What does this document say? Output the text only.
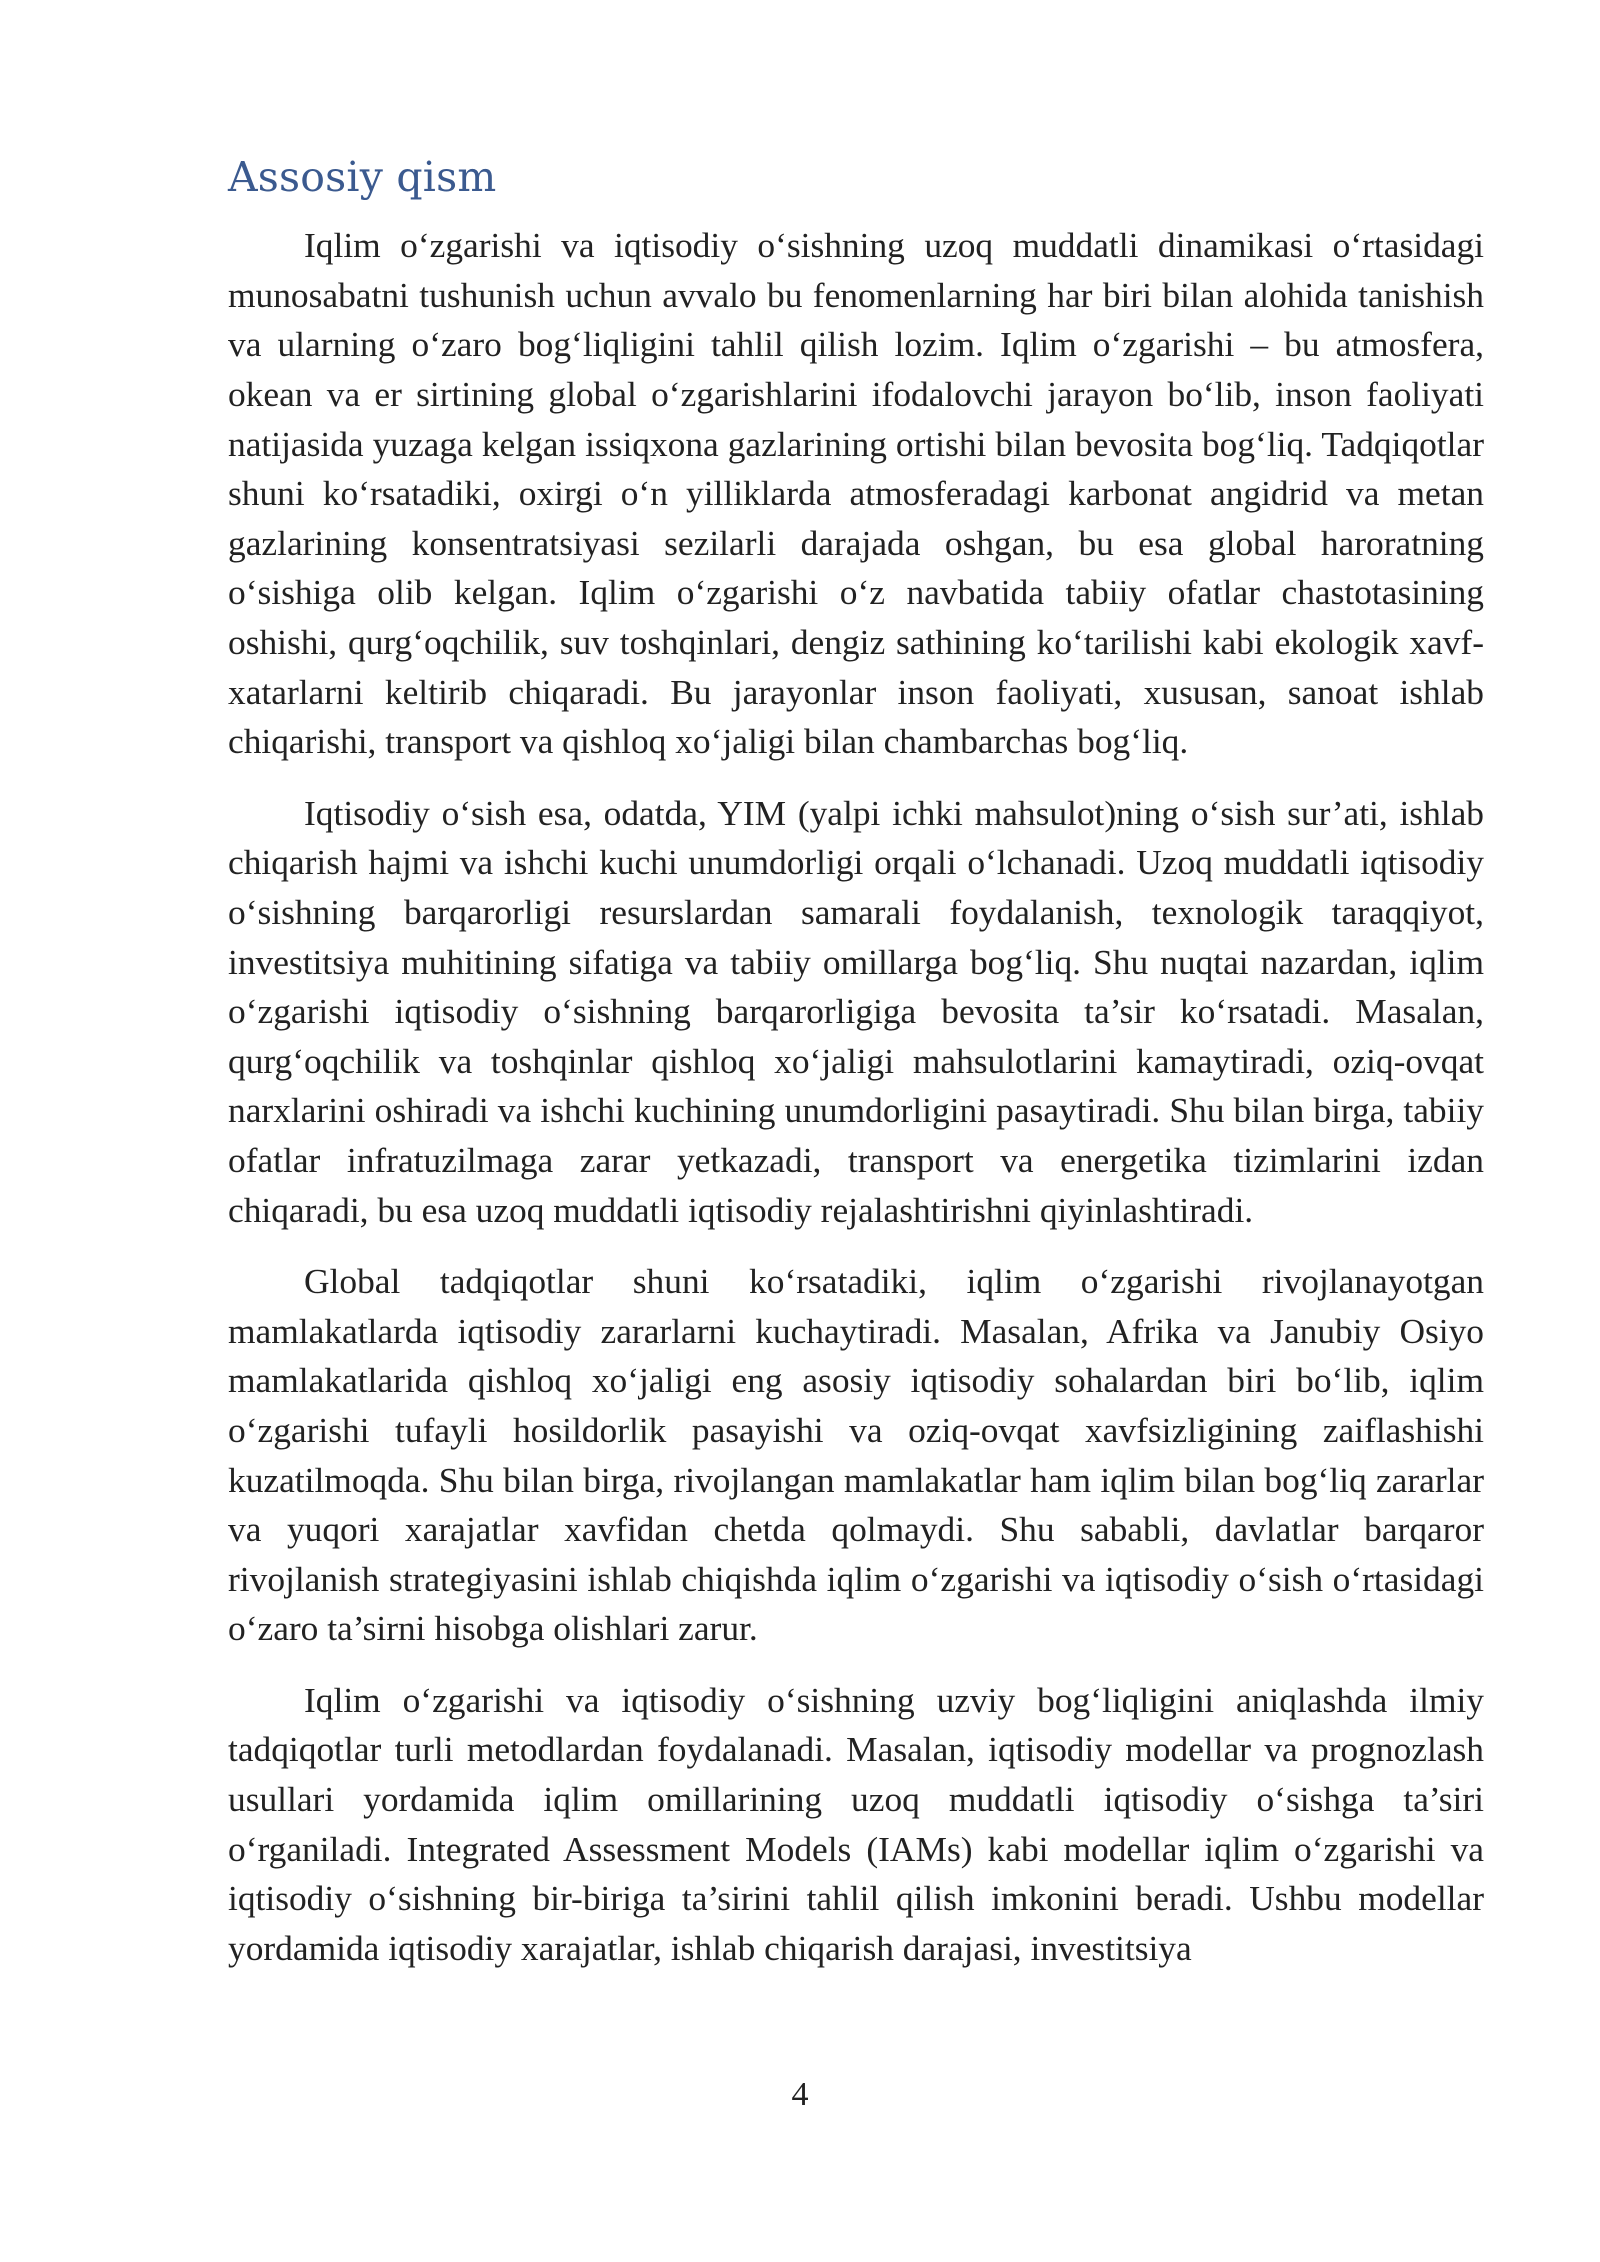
Assosiy qism

Iqlim o‘zgarishi va iqtisodiy o‘sishning uzoq muddatli dinamikasi o‘rtasidagi munosabatni tushunish uchun avvalo bu fenomenlarning har biri bilan alohida tanishish va ularning o‘zaro bog‘liqligini tahlil qilish lozim. Iqlim o‘zgarishi – bu atmosfera, okean va er sirtining global o‘zgarishlarini ifodalovchi jarayon bo‘lib, inson faoliyati natijasida yuzaga kelgan issiqxona gazlarining ortishi bilan bevosita bog‘liq. Tadqiqotlar shuni ko‘rsatadiki, oxirgi o‘n yilliklarda atmosferadagi karbonat angidrid va metan gazlarining konsentratsiyasi sezilarli darajada oshgan, bu esa global haroratning o‘sishiga olib kelgan. Iqlim o‘zgarishi o‘z navbatida tabiiy ofatlar chastotasining oshishi, qurg‘oqchilik, suv toshqinlari, dengiz sathining ko‘tarilishi kabi ekologik xavf-xatarlarni keltirib chiqaradi. Bu jarayonlar inson faoliyati, xususan, sanoat ishlab chiqarishi, transport va qishloq xo‘jaligi bilan chambarchas bog‘liq.

Iqtisodiy o‘sish esa, odatda, YIM (yalpi ichki mahsulot)ning o‘sish sur’ati, ishlab chiqarish hajmi va ishchi kuchi unumdorligi orqali o‘lchanadi. Uzoq muddatli iqtisodiy o‘sishning barqarorligi resurslardan samarali foydalanish, texnologik taraqqiyot, investitsiya muhitining sifatiga va tabiiy omillarga bog‘liq. Shu nuqtai nazardan, iqlim o‘zgarishi iqtisodiy o‘sishning barqarorligiga bevosita ta’sir ko‘rsatadi. Masalan, qurg‘oqchilik va toshqinlar qishloq xo‘jaligi mahsulotlarini kamaytiradi, oziq-ovqat narxlarini oshiradi va ishchi kuchining unumdorligini pasaytiradi. Shu bilan birga, tabiiy ofatlar infratuzilmaga zarar yetkazadi, transport va energetika tizimlarini izdan chiqaradi, bu esa uzoq muddatli iqtisodiy rejalashtirishni qiyinlashtiradi.

Global tadqiqotlar shuni ko‘rsatadiki, iqlim o‘zgarishi rivojlanayotgan mamlakatlarda iqtisodiy zararlarni kuchaytiradi. Masalan, Afrika va Janubiy Osiyo mamlakatlarida qishloq xo‘jaligi eng asosiy iqtisodiy sohalardan biri bo‘lib, iqlim o‘zgarishi tufayli hosildorlik pasayishi va oziq-ovqat xavfsizligining zaiflashishi kuzatilmoqda. Shu bilan birga, rivojlangan mamlakatlar ham iqlim bilan bog‘liq zararlar va yuqori xarajatlar xavfidan chetda qolmaydi. Shu sababli, davlatlar barqaror rivojlanish strategiyasini ishlab chiqishda iqlim o‘zgarishi va iqtisodiy o‘sish o‘rtasidagi o‘zaro ta’sirni hisobga olishlari zarur.

Iqlim o‘zgarishi va iqtisodiy o‘sishning uzviy bog‘liqligini aniqlashda ilmiy tadqiqotlar turli metodlardan foydalanadi. Masalan, iqtisodiy modellar va prognozlash usullari yordamida iqlim omillarining uzoq muddatli iqtisodiy o‘sishga ta’siri o‘rganiladi. Integrated Assessment Models (IAMs) kabi modellar iqlim o‘zgarishi va iqtisodiy o‘sishning bir-biriga ta’sirini tahlil qilish imkonini beradi. Ushbu modellar yordamida iqtisodiy xarajatlar, ishlab chiqarish darajasi, investitsiya

4
